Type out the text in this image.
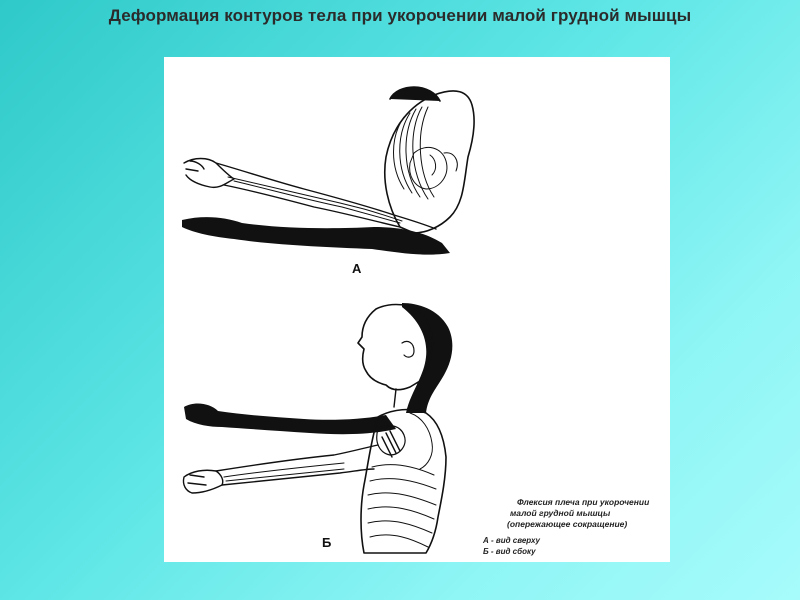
Деформация контуров тела при укорочении малой грудной мышцы
А
Б
Флексия плеча при укорочении
малой грудной мышцы
(опережающее сокращение)
А - вид сверху
Б - вид сбоку
